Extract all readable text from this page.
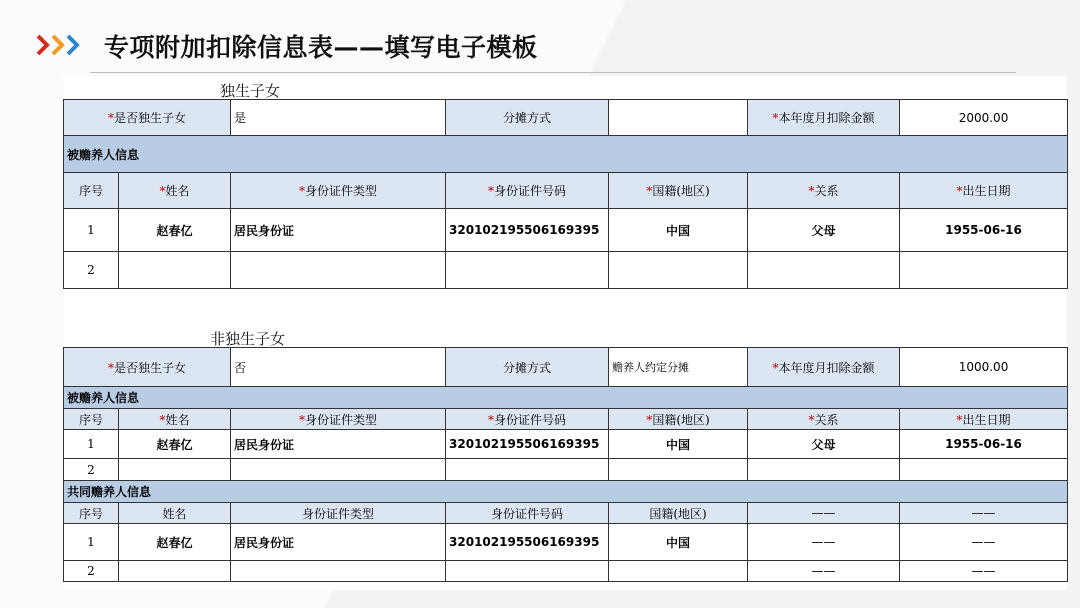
专项附加扣除信息表——填写电子模板
独生子女
*是否独生子女		是	分摊方式		*本年度月扣除金额	2000.00
被赡养人信息						
序号	*姓名	*身份证件类型	*身份证件号码	*国籍(地区)	*关系	*出生日期
1	赵春亿	居民身份证	320102195506169395	中国	父母	1955-06-16
2						
非独生子女
*是否独生子女		否	分摊方式	赡养人约定分摊	*本年度月扣除金额	1000.00
被赡养人信息						
序号	*姓名	*身份证件类型	*身份证件号码	*国籍(地区)	*关系	*出生日期
1	赵春亿	居民身份证	320102195506169395	中国	父母	1955-06-16
2						
共同赡养人信息						
序号	姓名	身份证件类型	身份证件号码	国籍(地区)	——	——
1	赵春亿	居民身份证	320102195506169395	中国	——	——
2					——	——
